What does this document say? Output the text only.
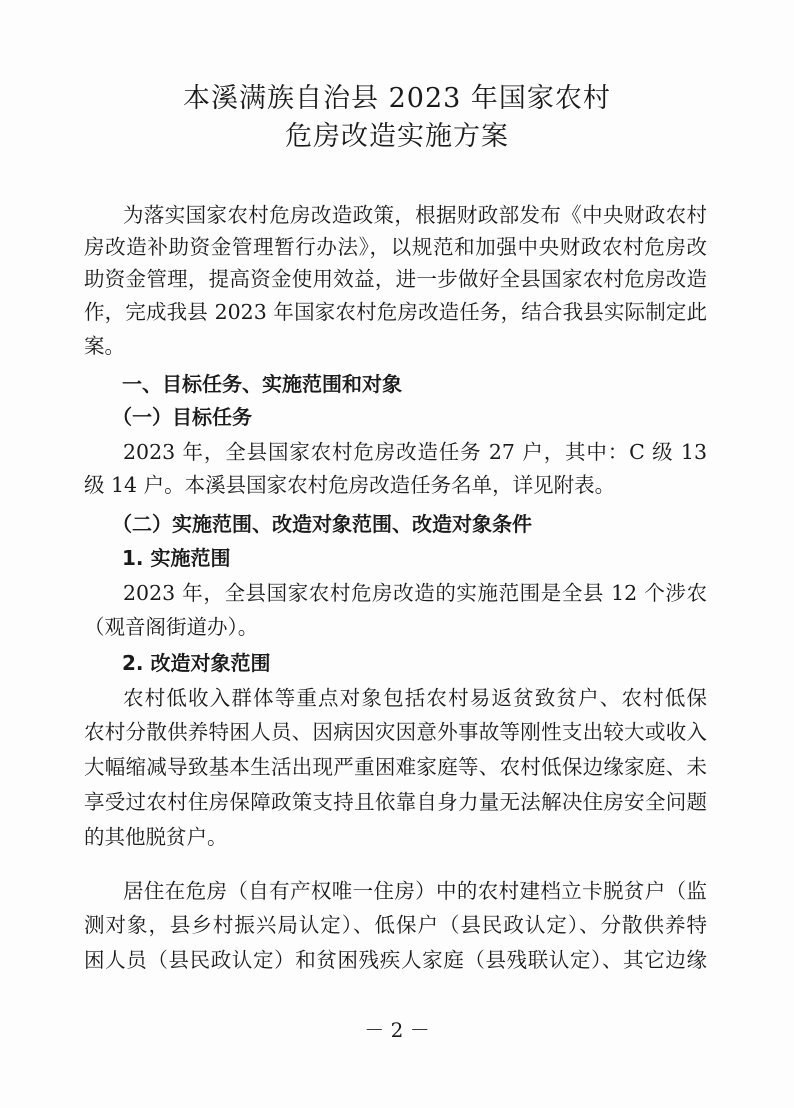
本溪满族自治县 2023 年国家农村
危房改造实施方案
为落实国家农村危房改造政策，根据财政部发布《中央财政农村
房改造补助资金管理暂行办法》，以规范和加强中央财政农村危房改
助资金管理，提高资金使用效益，进一步做好全县国家农村危房改造
作，完成我县 2023 年国家农村危房改造任务，结合我县实际制定此
案。
一、目标任务、实施范围和对象
（一）目标任务
2023 年，全县国家农村危房改造任务 27 户，其中：C 级 13
级 14 户。本溪县国家农村危房改造任务名单，详见附表。
（二）实施范围、改造对象范围、改造对象条件
1. 实施范围
2023 年，全县国家农村危房改造的实施范围是全县 12 个涉农
（观音阁街道办）。
2. 改造对象范围
农村低收入群体等重点对象包括农村易返贫致贫户、农村低保
农村分散供养特困人员、因病因灾因意外事故等刚性支出较大或收入
大幅缩减导致基本生活出现严重困难家庭等、农村低保边缘家庭、未
享受过农村住房保障政策支持且依靠自身力量无法解决住房安全问题
的其他脱贫户。
居住在危房（自有产权唯一住房）中的农村建档立卡脱贫户（监
测对象，县乡村振兴局认定）、低保户（县民政认定）、分散供养特
困人员（县民政认定）和贫困残疾人家庭（县残联认定）、其它边缘
－ 2 －
